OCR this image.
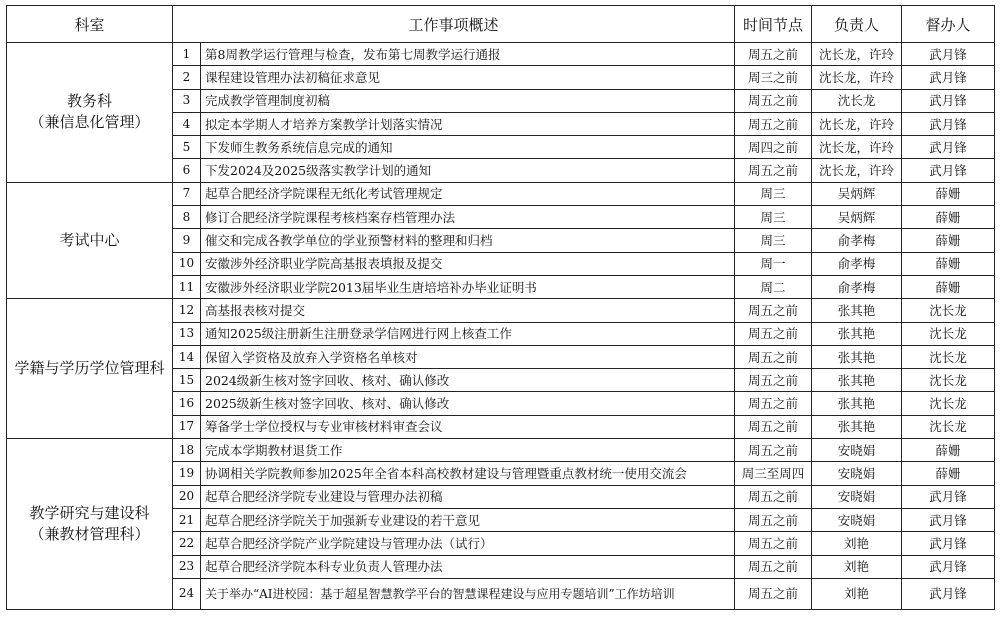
科室	工作事项概述		时间节点	负责人	督办人

教务科
（兼信息化管理）	1	第8周教学运行管理与检查，发布第七周教学运行通报	周五之前	沈长龙，许玲	武月锋
	2	课程建设管理办法初稿征求意见	周三之前	沈长龙，许玲	武月锋
	3	完成教学管理制度初稿	周五之前	沈长龙	武月锋
	4	拟定本学期人才培养方案教学计划落实情况	周五之前	沈长龙，许玲	武月锋
	5	下发师生教务系统信息完成的通知	周四之前	沈长龙，许玲	武月锋
	6	下发2024及2025级落实教学计划的通知	周五之前	沈长龙，许玲	武月锋

考试中心	7	起草合肥经济学院课程无纸化考试管理规定	周三	吴炳辉	薛姗
	8	修订合肥经济学院课程考核档案存档管理办法	周三	吴炳辉	薛姗
	9	催交和完成各教学单位的学业预警材料的整理和归档	周三	俞孝梅	薛姗
	10	安徽涉外经济职业学院高基报表填报及提交	周一	俞孝梅	薛姗
	11	安徽涉外经济职业学院2013届毕业生唐培培补办毕业证明书	周二	俞孝梅	薛姗

学籍与学历学位管理科	12	高基报表核对提交	周五之前	张其艳	沈长龙
	13	通知2025级注册新生注册登录学信网进行网上核查工作	周五之前	张其艳	沈长龙
	14	保留入学资格及放弃入学资格名单核对	周五之前	张其艳	沈长龙
	15	2024级新生核对签字回收、核对、确认修改	周五之前	张其艳	沈长龙
	16	2025级新生核对签字回收、核对、确认修改	周五之前	张其艳	沈长龙
	17	筹备学士学位授权与专业审核材料审查会议	周五之前	张其艳	沈长龙

教学研究与建设科
（兼教材管理科）	18	完成本学期教材退货工作	周五之前	安晓娟	薛姗
	19	协调相关学院教师参加2025年全省本科高校教材建设与管理暨重点教材统一使用交流会	周三至周四	安晓娟	薛姗
	20	起草合肥经济学院专业建设与管理办法初稿	周五之前	安晓娟	武月锋
	21	起草合肥经济学院关于加强新专业建设的若干意见	周五之前	安晓娟	武月锋
	22	起草合肥经济学院产业学院建设与管理办法（试行）	周五之前	刘艳	武月锋
	23	起草合肥经济学院本科专业负责人管理办法	周五之前	刘艳	武月锋
	24	关于举办“AI进校园：基于超星智慧教学平台的智慧课程建设与应用专题培训”工作坊培训	周五之前	刘艳	武月锋
